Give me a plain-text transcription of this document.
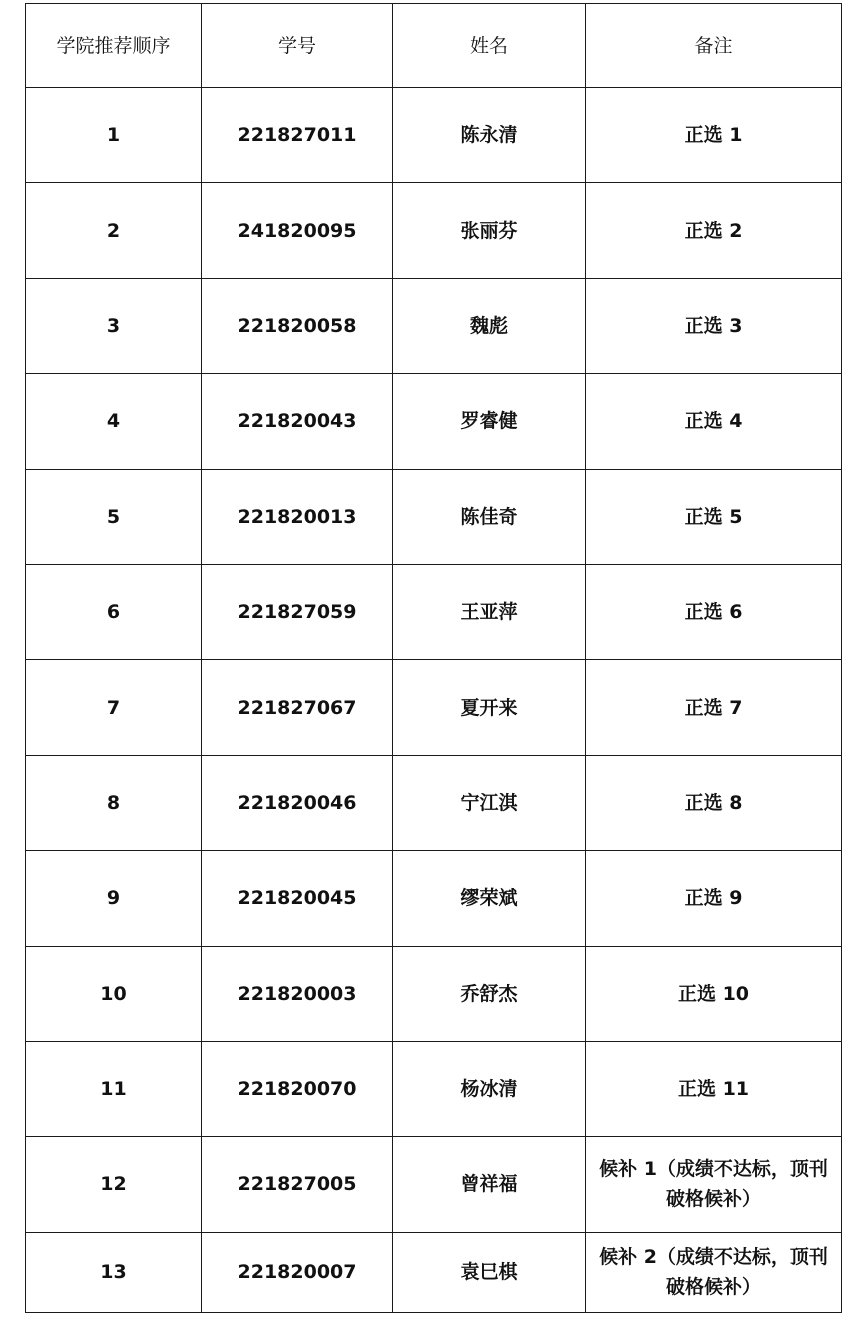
学院推荐顺序	学号	姓名	备注
1	221827011	陈永清	正选 1
2	241820095	张丽芬	正选 2
3	221820058	魏彪	正选 3
4	221820043	罗睿健	正选 4
5	221820013	陈佳奇	正选 5
6	221827059	王亚萍	正选 6
7	221827067	夏开来	正选 7
8	221820046	宁江淇	正选 8
9	221820045	缪荣斌	正选 9
10	221820003	乔舒杰	正选 10
11	221820070	杨冰清	正选 11
12	221827005	曾祥福	候补 1（成绩不达标，顶刊破格候补）
13	221820007	袁巳棋	候补 2（成绩不达标，顶刊破格候补）
